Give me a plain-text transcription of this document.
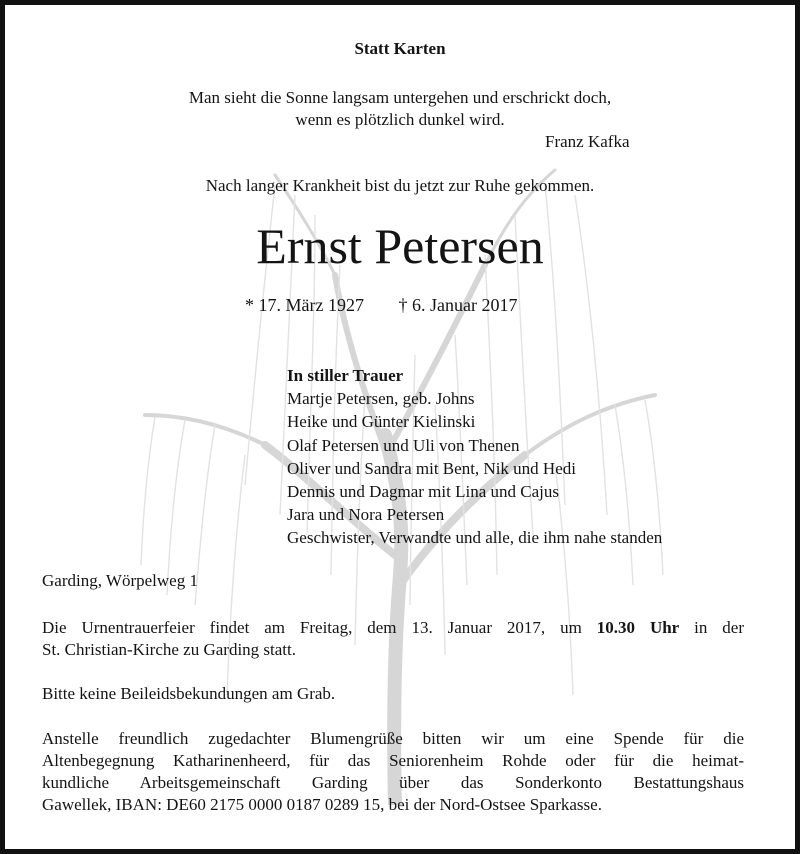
Statt Karten
Man sieht die Sonne langsam untergehen und erschrickt doch,
wenn es plötzlich dunkel wird.
Franz Kafka
Nach langer Krankheit bist du jetzt zur Ruhe gekommen.
Ernst Petersen
* 17. März 1927 † 6. Januar 2017
In stiller Trauer
Martje Petersen, geb. Johns
Heike und Günter Kielinski
Olaf Petersen und Uli von Thenen
Oliver und Sandra mit Bent, Nik und Hedi
Dennis und Dagmar mit Lina und Cajus
Jara und Nora Petersen
Geschwister, Verwandte und alle, die ihm nahe standen
Garding, Wörpelweg 1
Die Urnentrauerfeier findet am Freitag, dem 13. Januar 2017, um 10.30 Uhr in der
St. Christian-Kirche zu Garding statt.
Bitte keine Beileidsbekundungen am Grab.
Anstelle freundlich zugedachter Blumengrüße bitten wir um eine Spende für die
Altenbegegnung Katharinenheerd, für das Seniorenheim Rohde oder für die heimat-
kundliche Arbeitsgemeinschaft Garding über das Sonderkonto Bestattungshaus
Gawellek, IBAN: DE60 2175 0000 0187 0289 15, bei der Nord-Ostsee Sparkasse.
